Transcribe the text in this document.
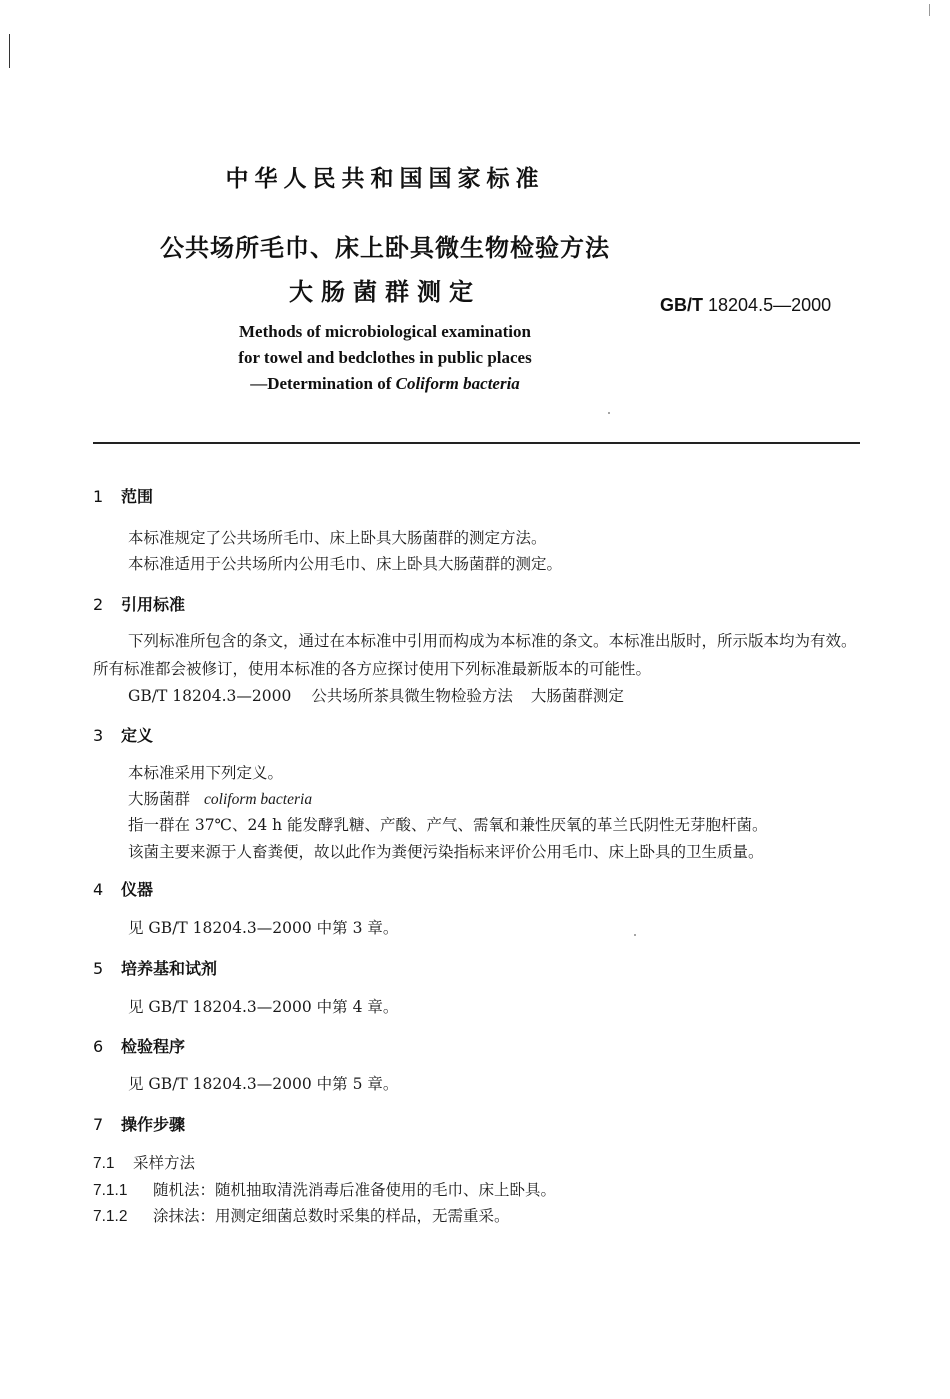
中华人民共和国国家标准
公共场所毛巾、床上卧具微生物检验方法
大肠菌群测定	GB/T 18204.5—2000
Methods of microbiological examination
for towel and bedclothes in public places
—Determination of Coliform bacteria
1 范围
本标准规定了公共场所毛巾、床上卧具大肠菌群的测定方法。
本标准适用于公共场所内公用毛巾、床上卧具大肠菌群的测定。
2 引用标准
下列标准所包含的条文，通过在本标准中引用而构成为本标准的条文。本标准出版时，所示版本均为有效。所有标准都会被修订，使用本标准的各方应探讨使用下列标准最新版本的可能性。
GB/T 18204.3—2000 公共场所茶具微生物检验方法 大肠菌群测定
3 定义
本标准采用下列定义。
大肠菌群 coliform bacteria
指一群在 37℃、24 h 能发酵乳糖、产酸、产气、需氧和兼性厌氧的革兰氏阴性无芽胞杆菌。
该菌主要来源于人畜粪便，故以此作为粪便污染指标来评价公用毛巾、床上卧具的卫生质量。
4 仪器
见 GB/T 18204.3—2000 中第 3 章。
5 培养基和试剂
见 GB/T 18204.3—2000 中第 4 章。
6 检验程序
见 GB/T 18204.3—2000 中第 5 章。
7 操作步骤
7.1 采样方法
7.1.1 随机法：随机抽取清洗消毒后准备使用的毛巾、床上卧具。
7.1.2 涂抹法：用测定细菌总数时采集的样品，无需重采。
